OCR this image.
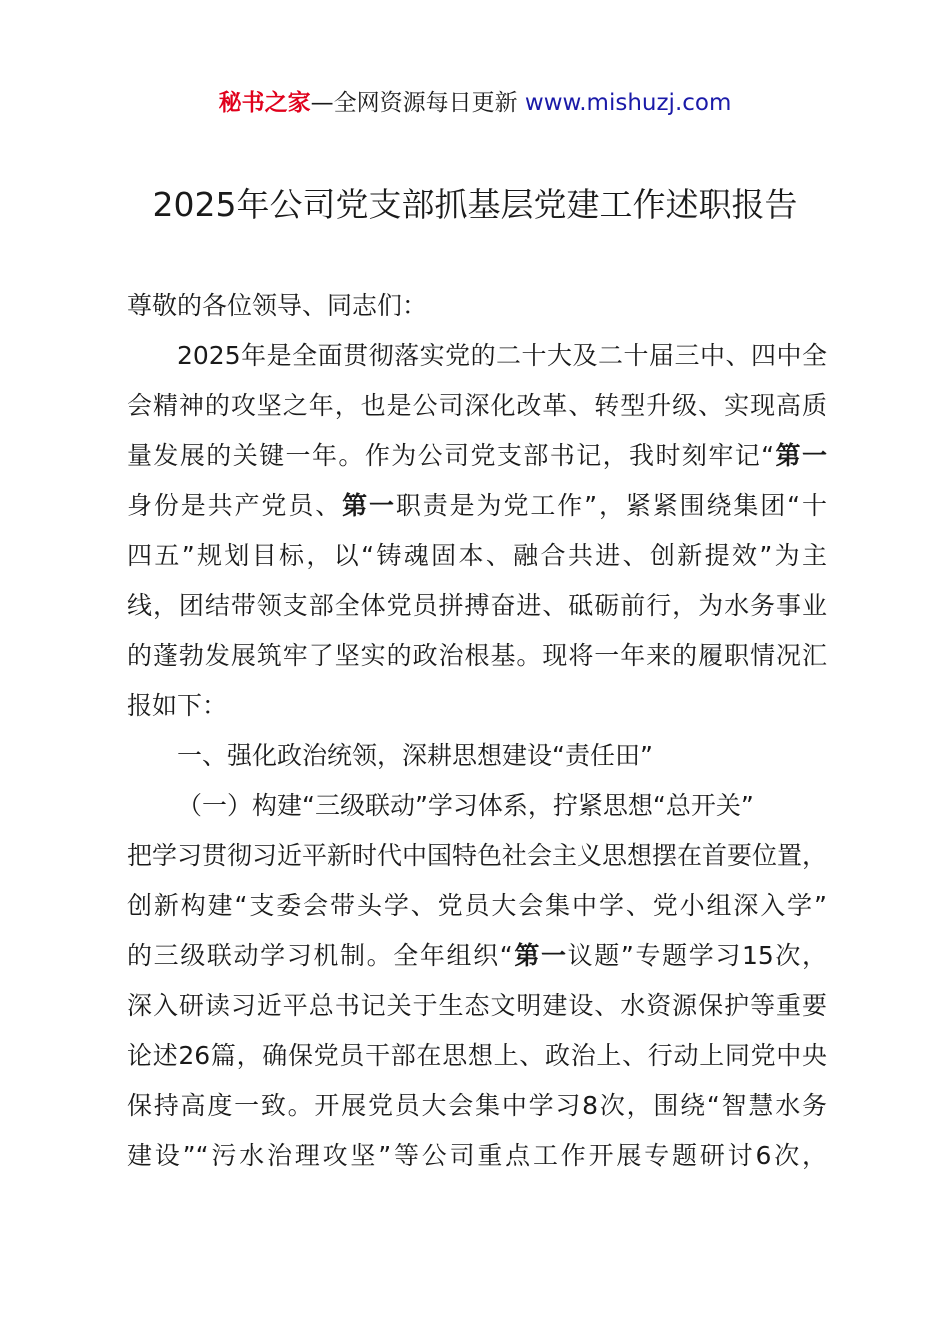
秘书之家—全网资源每日更新 www.mishuzj.com
2025年公司党支部抓基层党建工作述职报告
尊敬的各位领导、同志们：
2025年是全面贯彻落实党的二十大及二十届三中、四中全
会精神的攻坚之年，也是公司深化改革、转型升级、实现高质
量发展的关键一年。作为公司党支部书记，我时刻牢记“第一
身份是共产党员、第一职责是为党工作”，紧紧围绕集团“十
四五”规划目标，以“铸魂固本、融合共进、创新提效”为主
线，团结带领支部全体党员拼搏奋进、砥砺前行，为水务事业
的蓬勃发展筑牢了坚实的政治根基。现将一年来的履职情况汇
报如下：
一、强化政治统领，深耕思想建设“责任田”
（一）构建“三级联动”学习体系，拧紧思想“总开关”
把学习贯彻习近平新时代中国特色社会主义思想摆在首要位置，
创新构建“支委会带头学、党员大会集中学、党小组深入学”
的三级联动学习机制。全年组织“第一议题”专题学习15次，
深入研读习近平总书记关于生态文明建设、水资源保护等重要
论述26篇，确保党员干部在思想上、政治上、行动上同党中央
保持高度一致。开展党员大会集中学习8次，围绕“智慧水务
建设”“污水治理攻坚”等公司重点工作开展专题研讨6次，
